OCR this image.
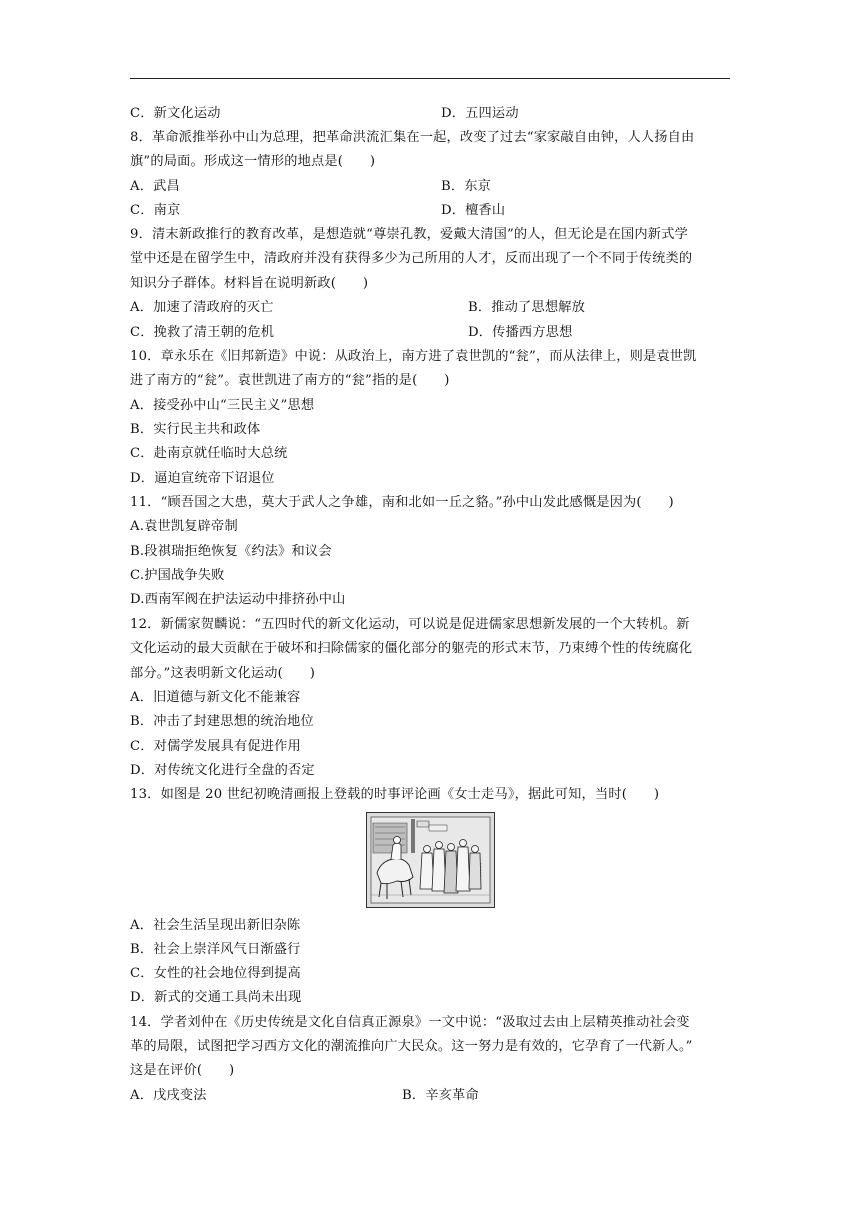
C．新文化运动	D．五四运动
8．革命派推举孙中山为总理，把革命洪流汇集在一起，改变了过去“家家敲自由钟，人人扬自由
旗”的局面。形成这一情形的地点是(　　)
A．武昌	B．东京
C．南京	D．檀香山
9．清末新政推行的教育改革，是想造就“尊崇孔教，爱戴大清国”的人，但无论是在国内新式学
堂中还是在留学生中，清政府并没有获得多少为己所用的人才，反而出现了一个不同于传统类的
知识分子群体。材料旨在说明新政(　　)
A．加速了清政府的灭亡	B．推动了思想解放
C．挽救了清王朝的危机	D．传播西方思想
10．章永乐在《旧邦新造》中说：从政治上，南方进了袁世凯的“瓮”，而从法律上，则是袁世凯
进了南方的“瓮”。袁世凯进了南方的“瓮”指的是(　　)
A．接受孙中山“三民主义”思想
B．实行民主共和政体
C．赴南京就任临时大总统
D．逼迫宣统帝下诏退位
11．“顾吾国之大患，莫大于武人之争雄，南和北如一丘之貉。”孙中山发此感慨是因为(　　)
A.袁世凯复辟帝制
B.段祺瑞拒绝恢复《约法》和议会
C.护国战争失败
D.西南军阀在护法运动中排挤孙中山
12．新儒家贺麟说：“五四时代的新文化运动，可以说是促进儒家思想新发展的一个大转机。新
文化运动的最大贡献在于破坏和扫除儒家的僵化部分的躯壳的形式末节，乃束缚个性的传统腐化
部分。”这表明新文化运动(　　)
A．旧道德与新文化不能兼容
B．冲击了封建思想的统治地位
C．对儒学发展具有促进作用
D．对传统文化进行全盘的否定
13．如图是 20 世纪初晚清画报上登载的时事评论画《女士走马》，据此可知，当时(　　)
A．社会生活呈现出新旧杂陈
B．社会上崇洋风气日渐盛行
C．女性的社会地位得到提高
D．新式的交通工具尚未出现
14．学者刘仲在《历史传统是文化自信真正源泉》一文中说：“汲取过去由上层精英推动社会变
革的局限，试图把学习西方文化的潮流推向广大民众。这一努力是有效的，它孕育了一代新人。”
这是在评价(　　)
A．戊戌变法	B．辛亥革命
